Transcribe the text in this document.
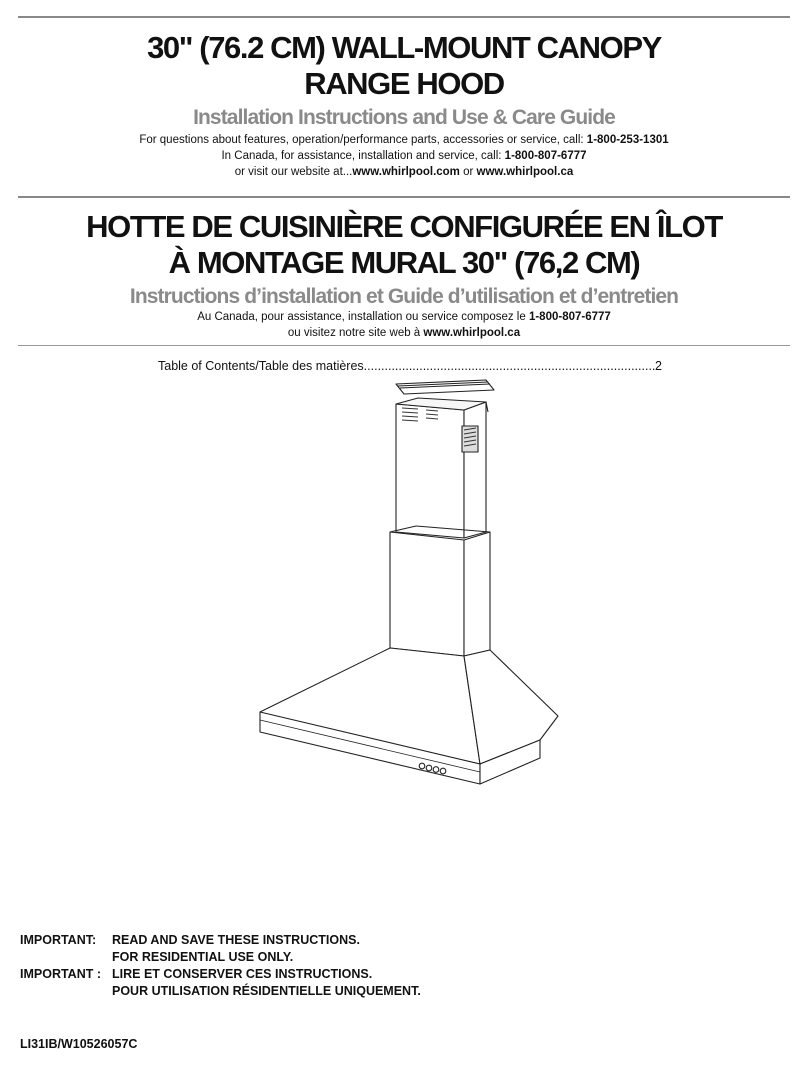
30" (76.2 CM) WALL-MOUNT CANOPY
RANGE HOOD
Installation Instructions and Use & Care Guide
For questions about features, operation/performance parts, accessories or service, call: 1-800-253-1301
In Canada, for assistance, installation and service, call: 1-800-807-6777
or visit our website at...www.whirlpool.com or www.whirlpool.ca
HOTTE DE CUISINIÈRE CONFIGURÉE EN ÎLOT
À MONTAGE MURAL 30" (76,2 CM)
Instructions d’installation et Guide d’utilisation et d’entretien
Au Canada, pour assistance, installation ou service composez le 1-800-807-6777
ou visitez notre site web à www.whirlpool.ca
Table of Contents/Table des matières
.....	2
IMPORTANT:	READ AND SAVE THESE INSTRUCTIONS.
FOR RESIDENTIAL USE ONLY.
IMPORTANT : LIRE ET CONSERVER CES INSTRUCTIONS.
POUR UTILISATION RÉSIDENTIELLE UNIQUEMENT.
LI31IB/W10526057C
